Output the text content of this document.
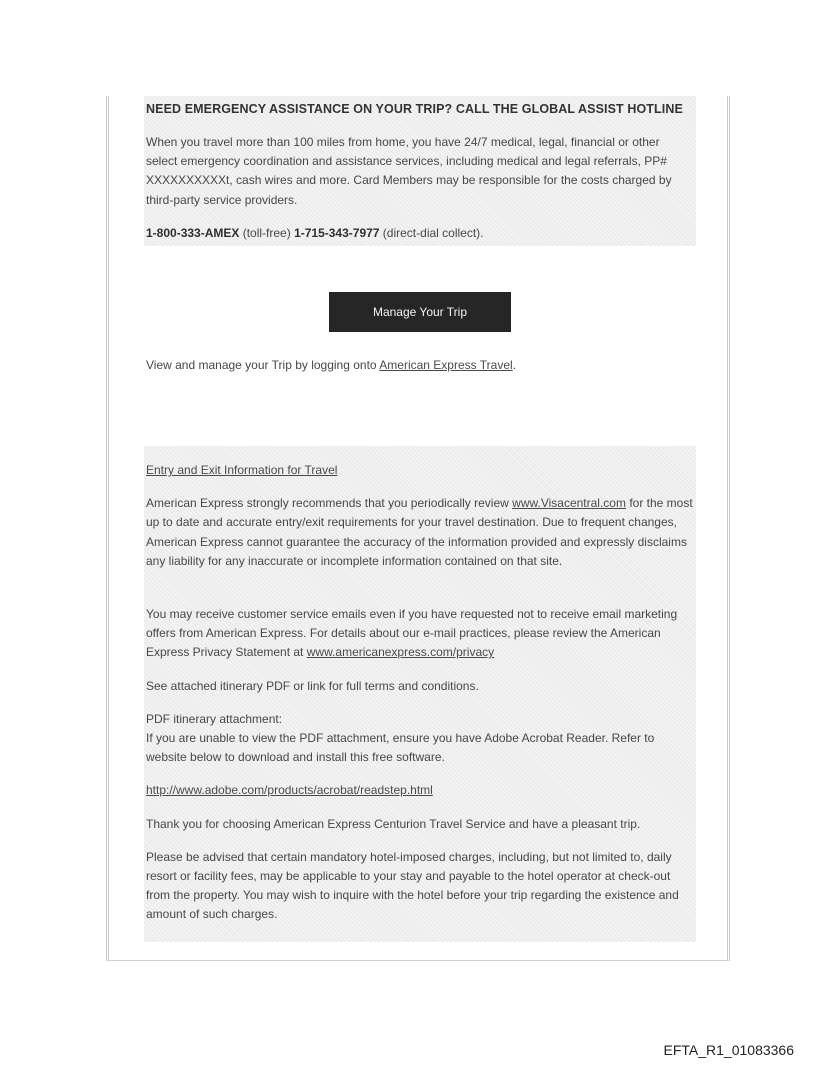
NEED EMERGENCY ASSISTANCE ON YOUR TRIP? CALL THE GLOBAL ASSIST HOTLINE

When you travel more than 100 miles from home, you have 24/7 medical, legal, financial or other select emergency coordination and assistance services, including medical and legal referrals, PP# XXXXXXXXXXt, cash wires and more. Card Members may be responsible for the costs charged by third-party service providers.

1-800-333-AMEX (toll-free) 1-715-343-7977 (direct-dial collect).

Manage Your Trip

View and manage your Trip by logging onto American Express Travel.

Entry and Exit Information for Travel

American Express strongly recommends that you periodically review www.Visacentral.com for the most up to date and accurate entry/exit requirements for your travel destination. Due to frequent changes, American Express cannot guarantee the accuracy of the information provided and expressly disclaims any liability for any inaccurate or incomplete information contained on that site.

You may receive customer service emails even if you have requested not to receive email marketing offers from American Express. For details about our e-mail practices, please review the American Express Privacy Statement at www.americanexpress.com/privacy

See attached itinerary PDF or link for full terms and conditions.

PDF itinerary attachment:

If you are unable to view the PDF attachment, ensure you have Adobe Acrobat Reader. Refer to website below to download and install this free software.

http://www.adobe.com/products/acrobat/readstep.html

Thank you for choosing American Express Centurion Travel Service and have a pleasant trip.

Please be advised that certain mandatory hotel-imposed charges, including, but not limited to, daily resort or facility fees, may be applicable to your stay and payable to the hotel operator at check-out from the property. You may wish to inquire with the hotel before your trip regarding the existence and amount of such charges.

EFTA_R1_01083366
